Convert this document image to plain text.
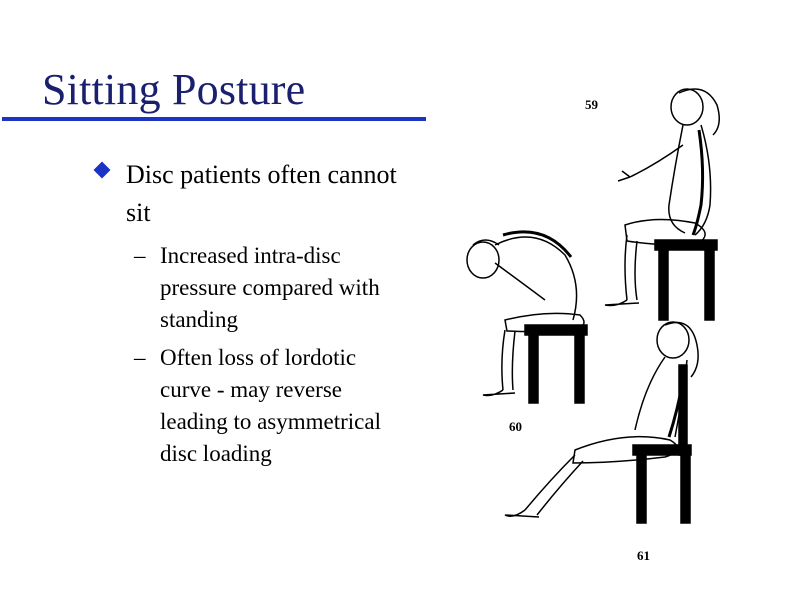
Sitting Posture
Disc patients often cannot sit
– Increased intra-disc pressure compared with standing
– Often loss of lordotic curve - may reverse leading to asymmetrical disc loading
59
60
61
